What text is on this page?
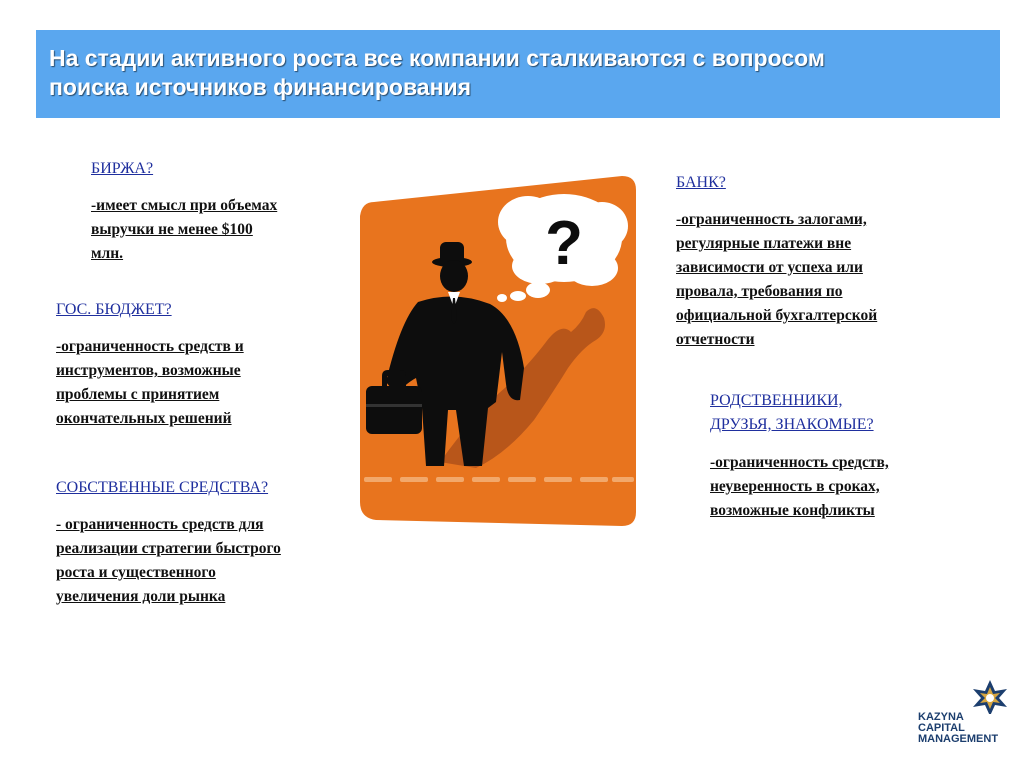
На стадии активного роста все компании сталкиваются с вопросом
поиска источников финансирования

БИРЖА?

-имеет смысл при объемах
выручки не менее $100
млн.

ГОС. БЮДЖЕТ?

-ограниченность средств и
инструментов, возможные
проблемы с принятием
окончательных решений

СОБСТВЕННЫЕ СРЕДСТВА?

- ограниченность средств для
реализации стратегии быстрого
роста и существенного
увеличения доли рынка

БАНК?

-ограниченность залогами,
регулярные платежи вне
зависимости от успеха или
провала, требования по
официальной бухгалтерской
отчетности

РОДСТВЕННИКИ,
ДРУЗЬЯ, ЗНАКОМЫЕ?

-ограниченность средств,
неуверенность в сроках,
возможные конфликты

?
KAZYNA
CAPITAL
MANAGEMENT
